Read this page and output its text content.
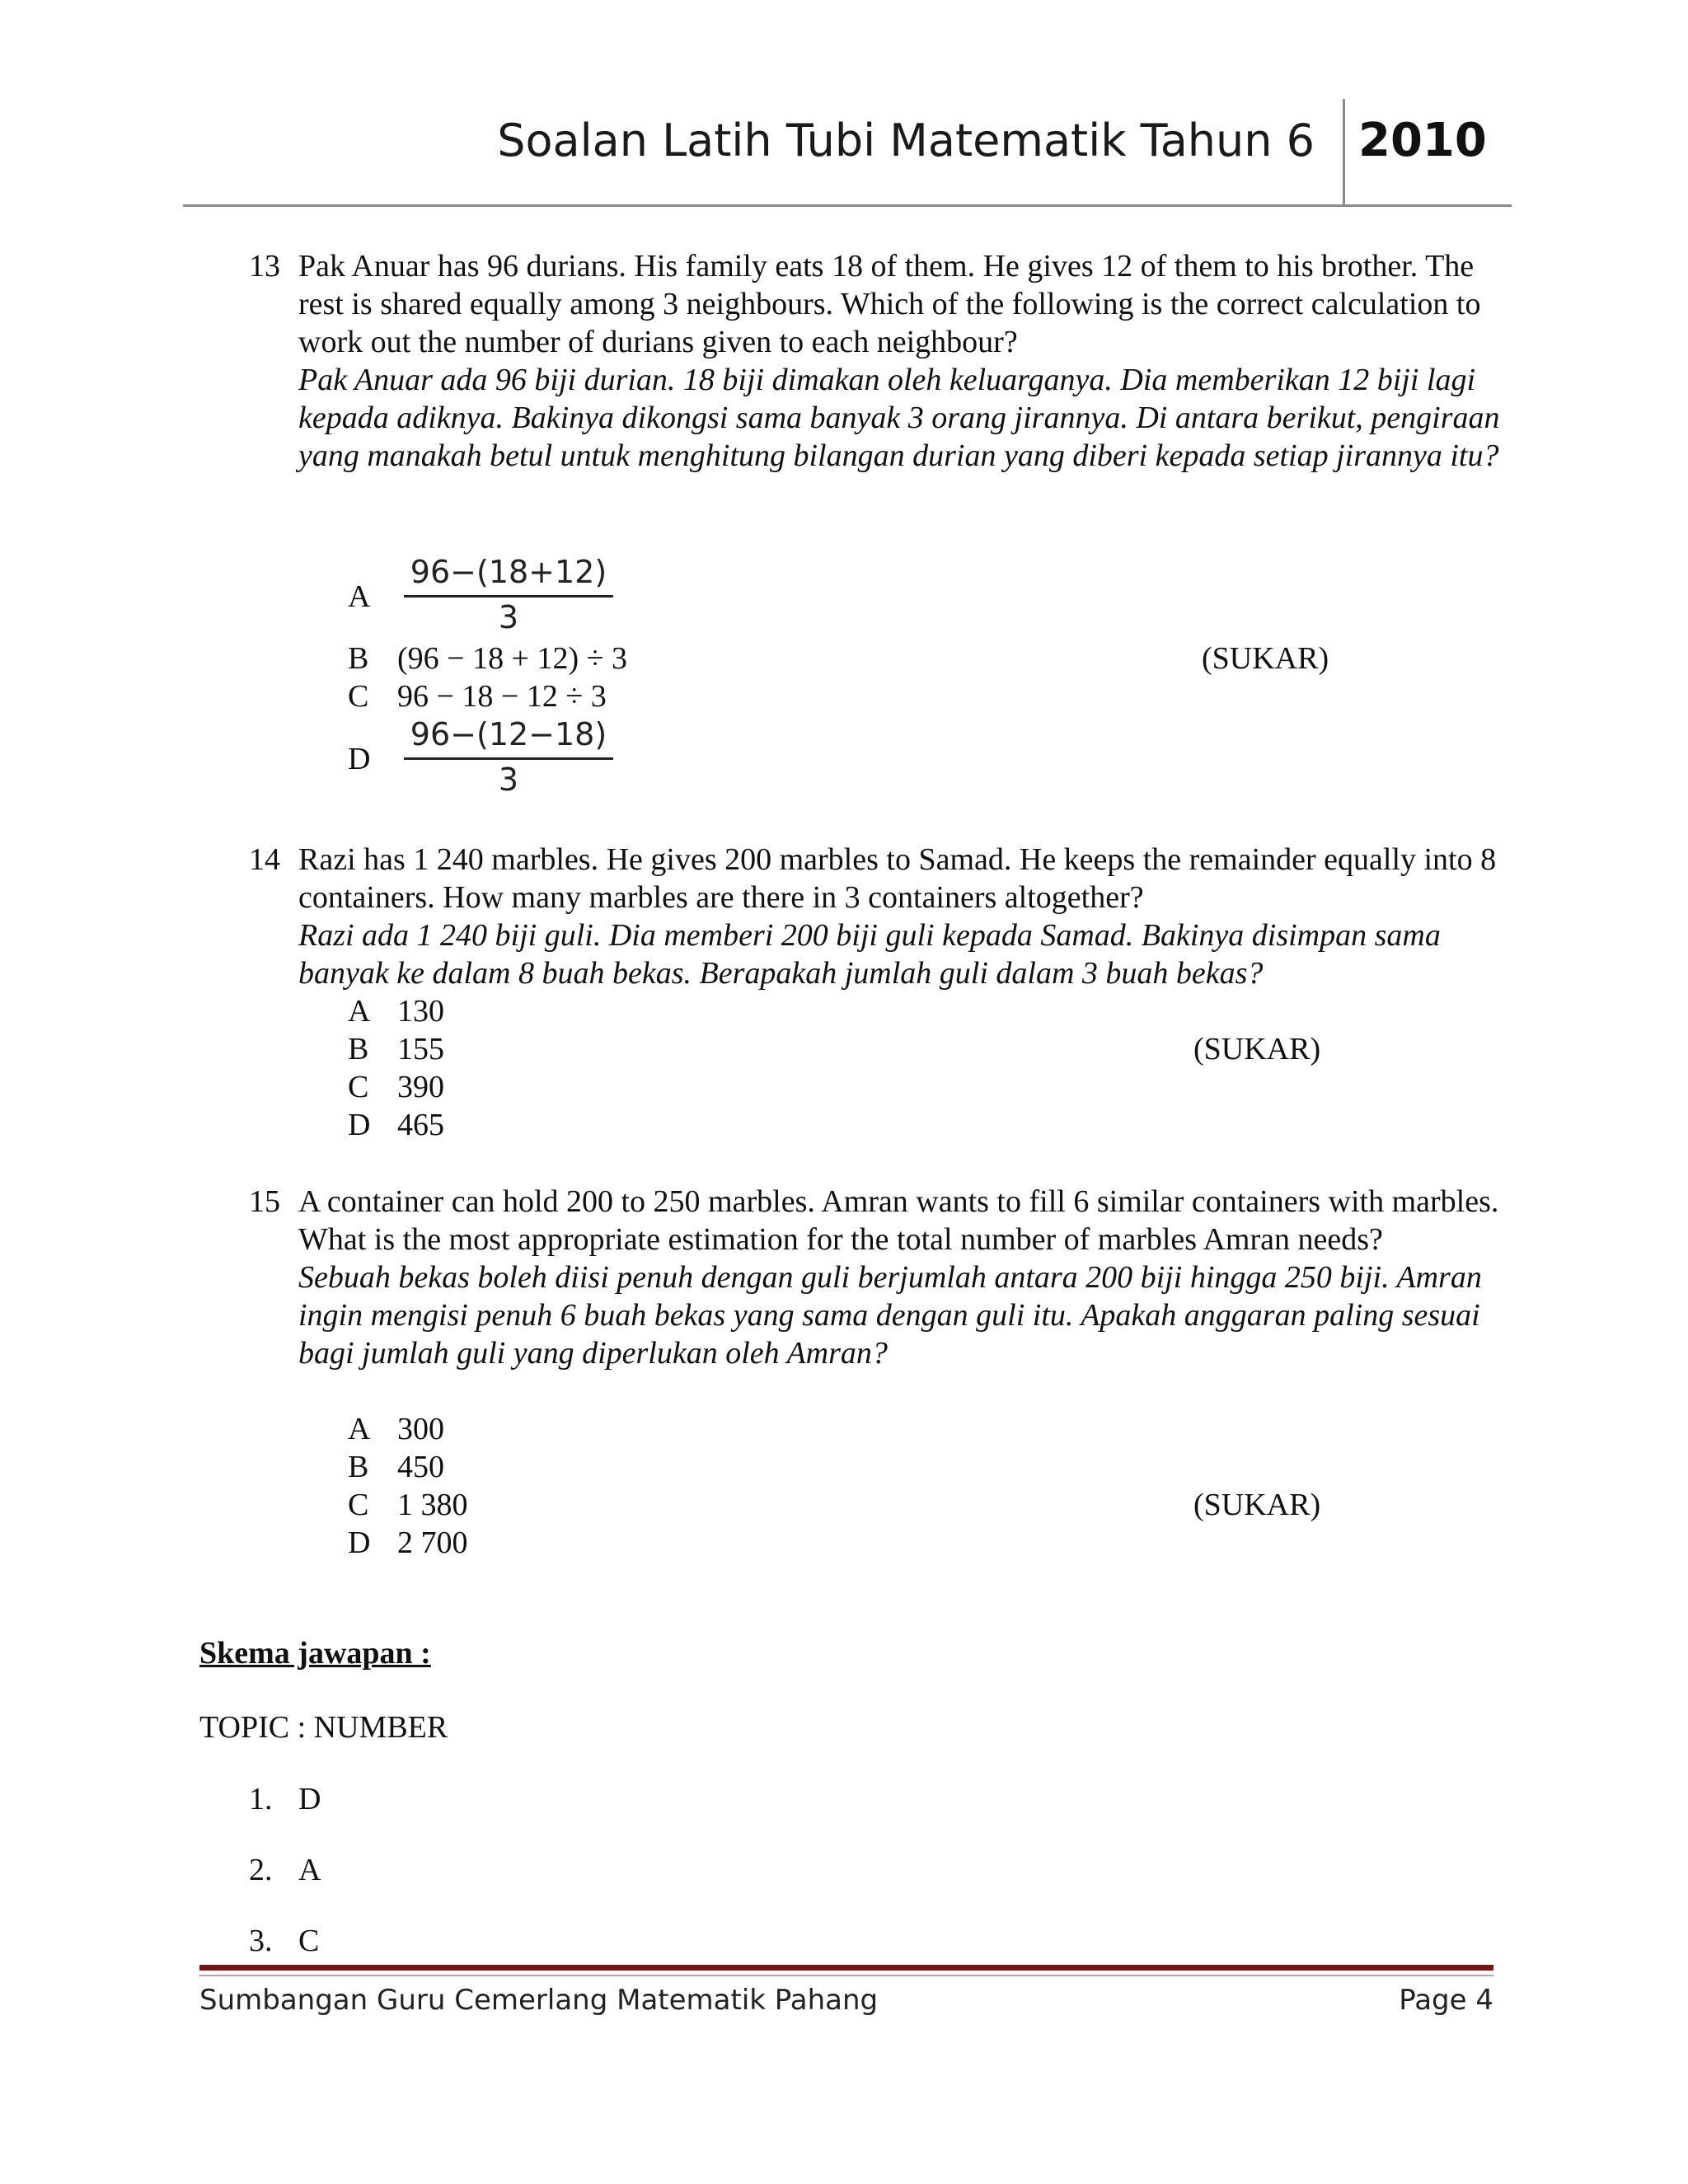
Soalan Latih Tubi Matematik Tahun 6 2010
13 Pak Anuar has 96 durians. His family eats 18 of them. He gives 12 of them to his brother. The rest is shared equally among 3 neighbours. Which of the following is the correct calculation to work out the number of durians given to each neighbour?

Pak Anuar ada 96 biji durian. 18 biji dimakan oleh keluarganya. Dia memberikan 12 biji lagi kepada adiknya. Bakinya dikongsi sama banyak 3 orang jirannya. Di antara berikut, pengiraan yang manakah betul untuk menghitung bilangan durian yang diberi kepada setiap jirannya itu?

A
96−(18+12)
3
B (96 − 18 + 12) ÷ 3	(SUKAR)
C 96 − 18 − 12 ÷ 3
D
96−(12−18)
3
14 Razi has 1 240 marbles. He gives 200 marbles to Samad. He keeps the remainder equally into 8 containers. How many marbles are there in 3 containers altogether?

Razi ada 1 240 biji guli. Dia memberi 200 biji guli kepada Samad. Bakinya disimpan sama banyak ke dalam 8 buah bekas. Berapakah jumlah guli dalam 3 buah bekas?

A 130
B 155	(SUKAR)
C 390
D 465
15 A container can hold 200 to 250 marbles. Amran wants to fill 6 similar containers with marbles. What is the most appropriate estimation for the total number of marbles Amran needs?

Sebuah bekas boleh diisi penuh dengan guli berjumlah antara 200 biji hingga 250 biji. Amran ingin mengisi penuh 6 buah bekas yang sama dengan guli itu. Apakah anggaran paling sesuai bagi jumlah guli yang diperlukan oleh Amran?

A 300
B 450
C 1 380	(SUKAR)
D 2 700
Skema jawapan :
TOPIC : NUMBER
1. D
2. A
3. C
Sumbangan Guru Cemerlang Matematik Pahang	Page 4
